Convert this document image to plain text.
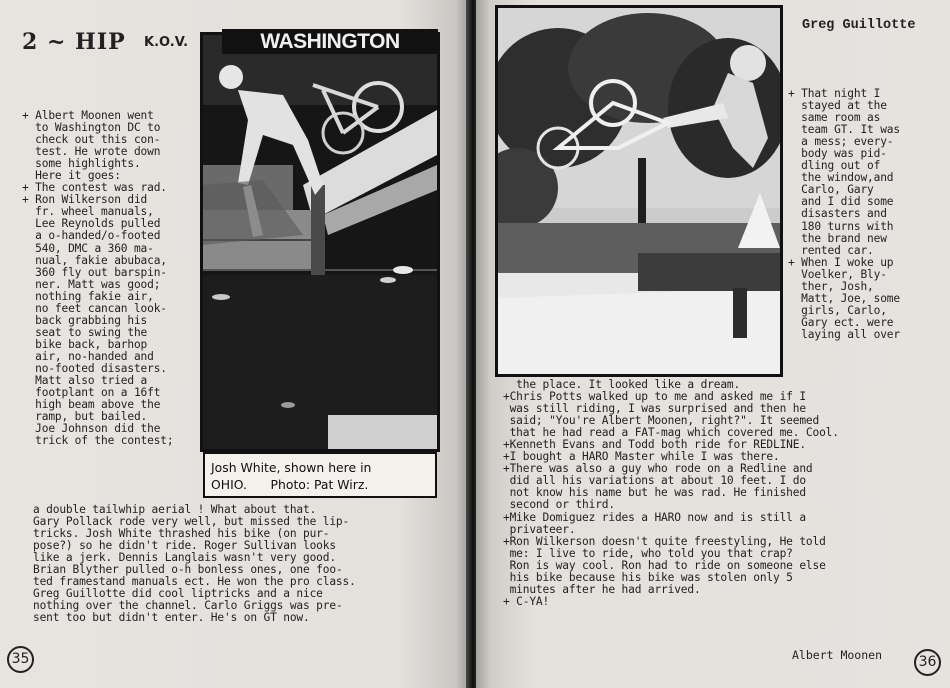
2 ~ HIP K.O.V.
+ Albert Moonen went
to Washington DC to
check out this con-
test. He wrote down
some highlights.
Here it goes:
+ The contest was rad.
+ Ron Wilkerson did
fr. wheel manuals,
Lee Reynolds pulled
a o-handed/o-footed
540, DMC a 360 ma-
nual, fakie abubaca,
360 fly out barspin-
ner. Matt was good;
nothing fakie air,
no feet cancan look-
back grabbing his
seat to swing the
bike back, barhop
air, no-handed and
no-footed disasters.
Matt also tried a
footplant on a 16ft
high beam above the
ramp, but bailed.
Joe Johnson did the
trick of the contest;
a double tailwhip aerial ! What about that.
Gary Pollack rode very well, but missed the lip-
tricks. Josh White thrashed his bike (on pur-
pose?) so he didn't ride. Roger Sullivan looks
like a jerk. Dennis Langlais wasn't very good.
Brian Blyther pulled o-h bonless ones, one foo-
ted framestand manuals ect. He won the pro class.
Greg Guillotte did cool liptricks and a nice
nothing over the channel. Carlo Griggs was pre-
sent too but didn't enter. He's on GT now.
WASHINGTON
Josh White, shown here in
OHIO.      Photo: Pat Wirz.
35
Greg Guillotte
+ That night I
stayed at the
same room as
team GT. It was
a mess; every-
body was pid-
dling out of
the window,and
Carlo, Gary
and I did some
disasters and
180 turns with
the brand new
rented car.
+ When I woke up
Voelker, Bly-
ther, Josh,
Matt, Joe, some
girls, Carlo,
Gary ect. were
laying all over
the place. It looked like a dream.
+Chris Potts walked up to me and asked me if I
was still riding, I was surprised and then he
said; "You're Albert Moonen, right?". It seemed
that he had read a FAT-mag which covered me. Cool.
+Kenneth Evans and Todd both ride for REDLINE.
+I bought a HARO Master while I was there.
+There was also a guy who rode on a Redline and
did all his variations at about 10 feet. I do
not know his name but he was rad. He finished
second or third.
+Mike Domiguez rides a HARO now and is still a
privateer.
+Ron Wilkerson doesn't quite freestyling, He told
me: I live to ride, who told you that crap?
Ron is way cool. Ron had to ride on someone else
his bike because his bike was stolen only 5
minutes after he had arrived.
+ C-YA!
Albert Moonen	36
